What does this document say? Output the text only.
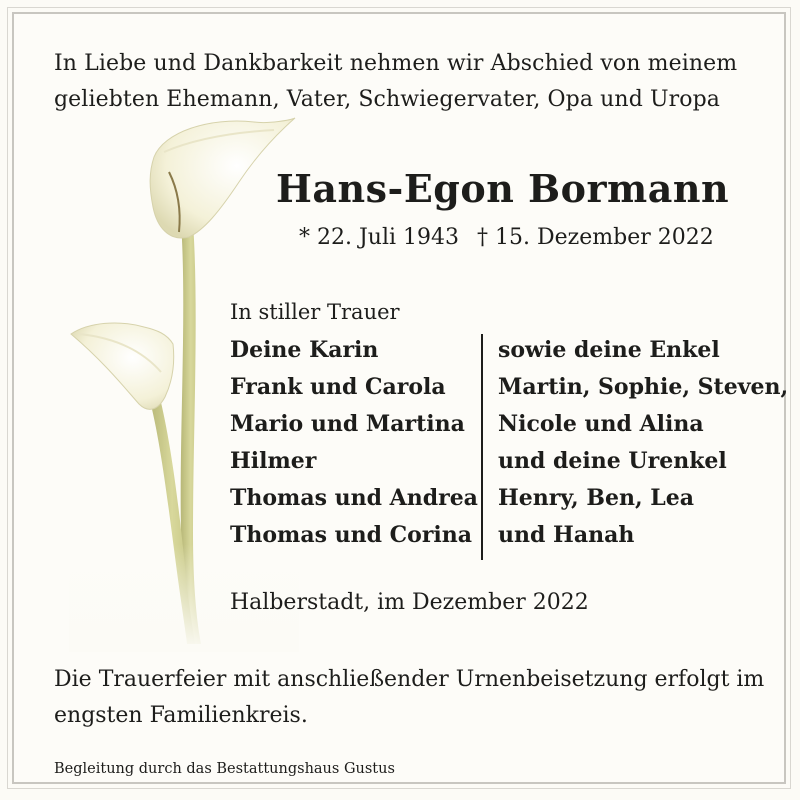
In Liebe und Dankbarkeit nehmen wir Abschied von meinem
geliebten Ehemann, Vater, Schwiegervater, Opa und Uropa
Hans-Egon Bormann
* 22. Juli 1943 † 15. Dezember 2022
In stiller Trauer
Deine Karin
Frank und Carola
Mario und Martina
Hilmer
Thomas und Andrea
Thomas und Corina
sowie deine Enkel
Martin, Sophie, Steven,
Nicole und Alina
und deine Urenkel
Henry, Ben, Lea
und Hanah
Halberstadt, im Dezember 2022
Die Trauerfeier mit anschließender Urnenbeisetzung erfolgt im
engsten Familienkreis.
Begleitung durch das Bestattungshaus Gustus
